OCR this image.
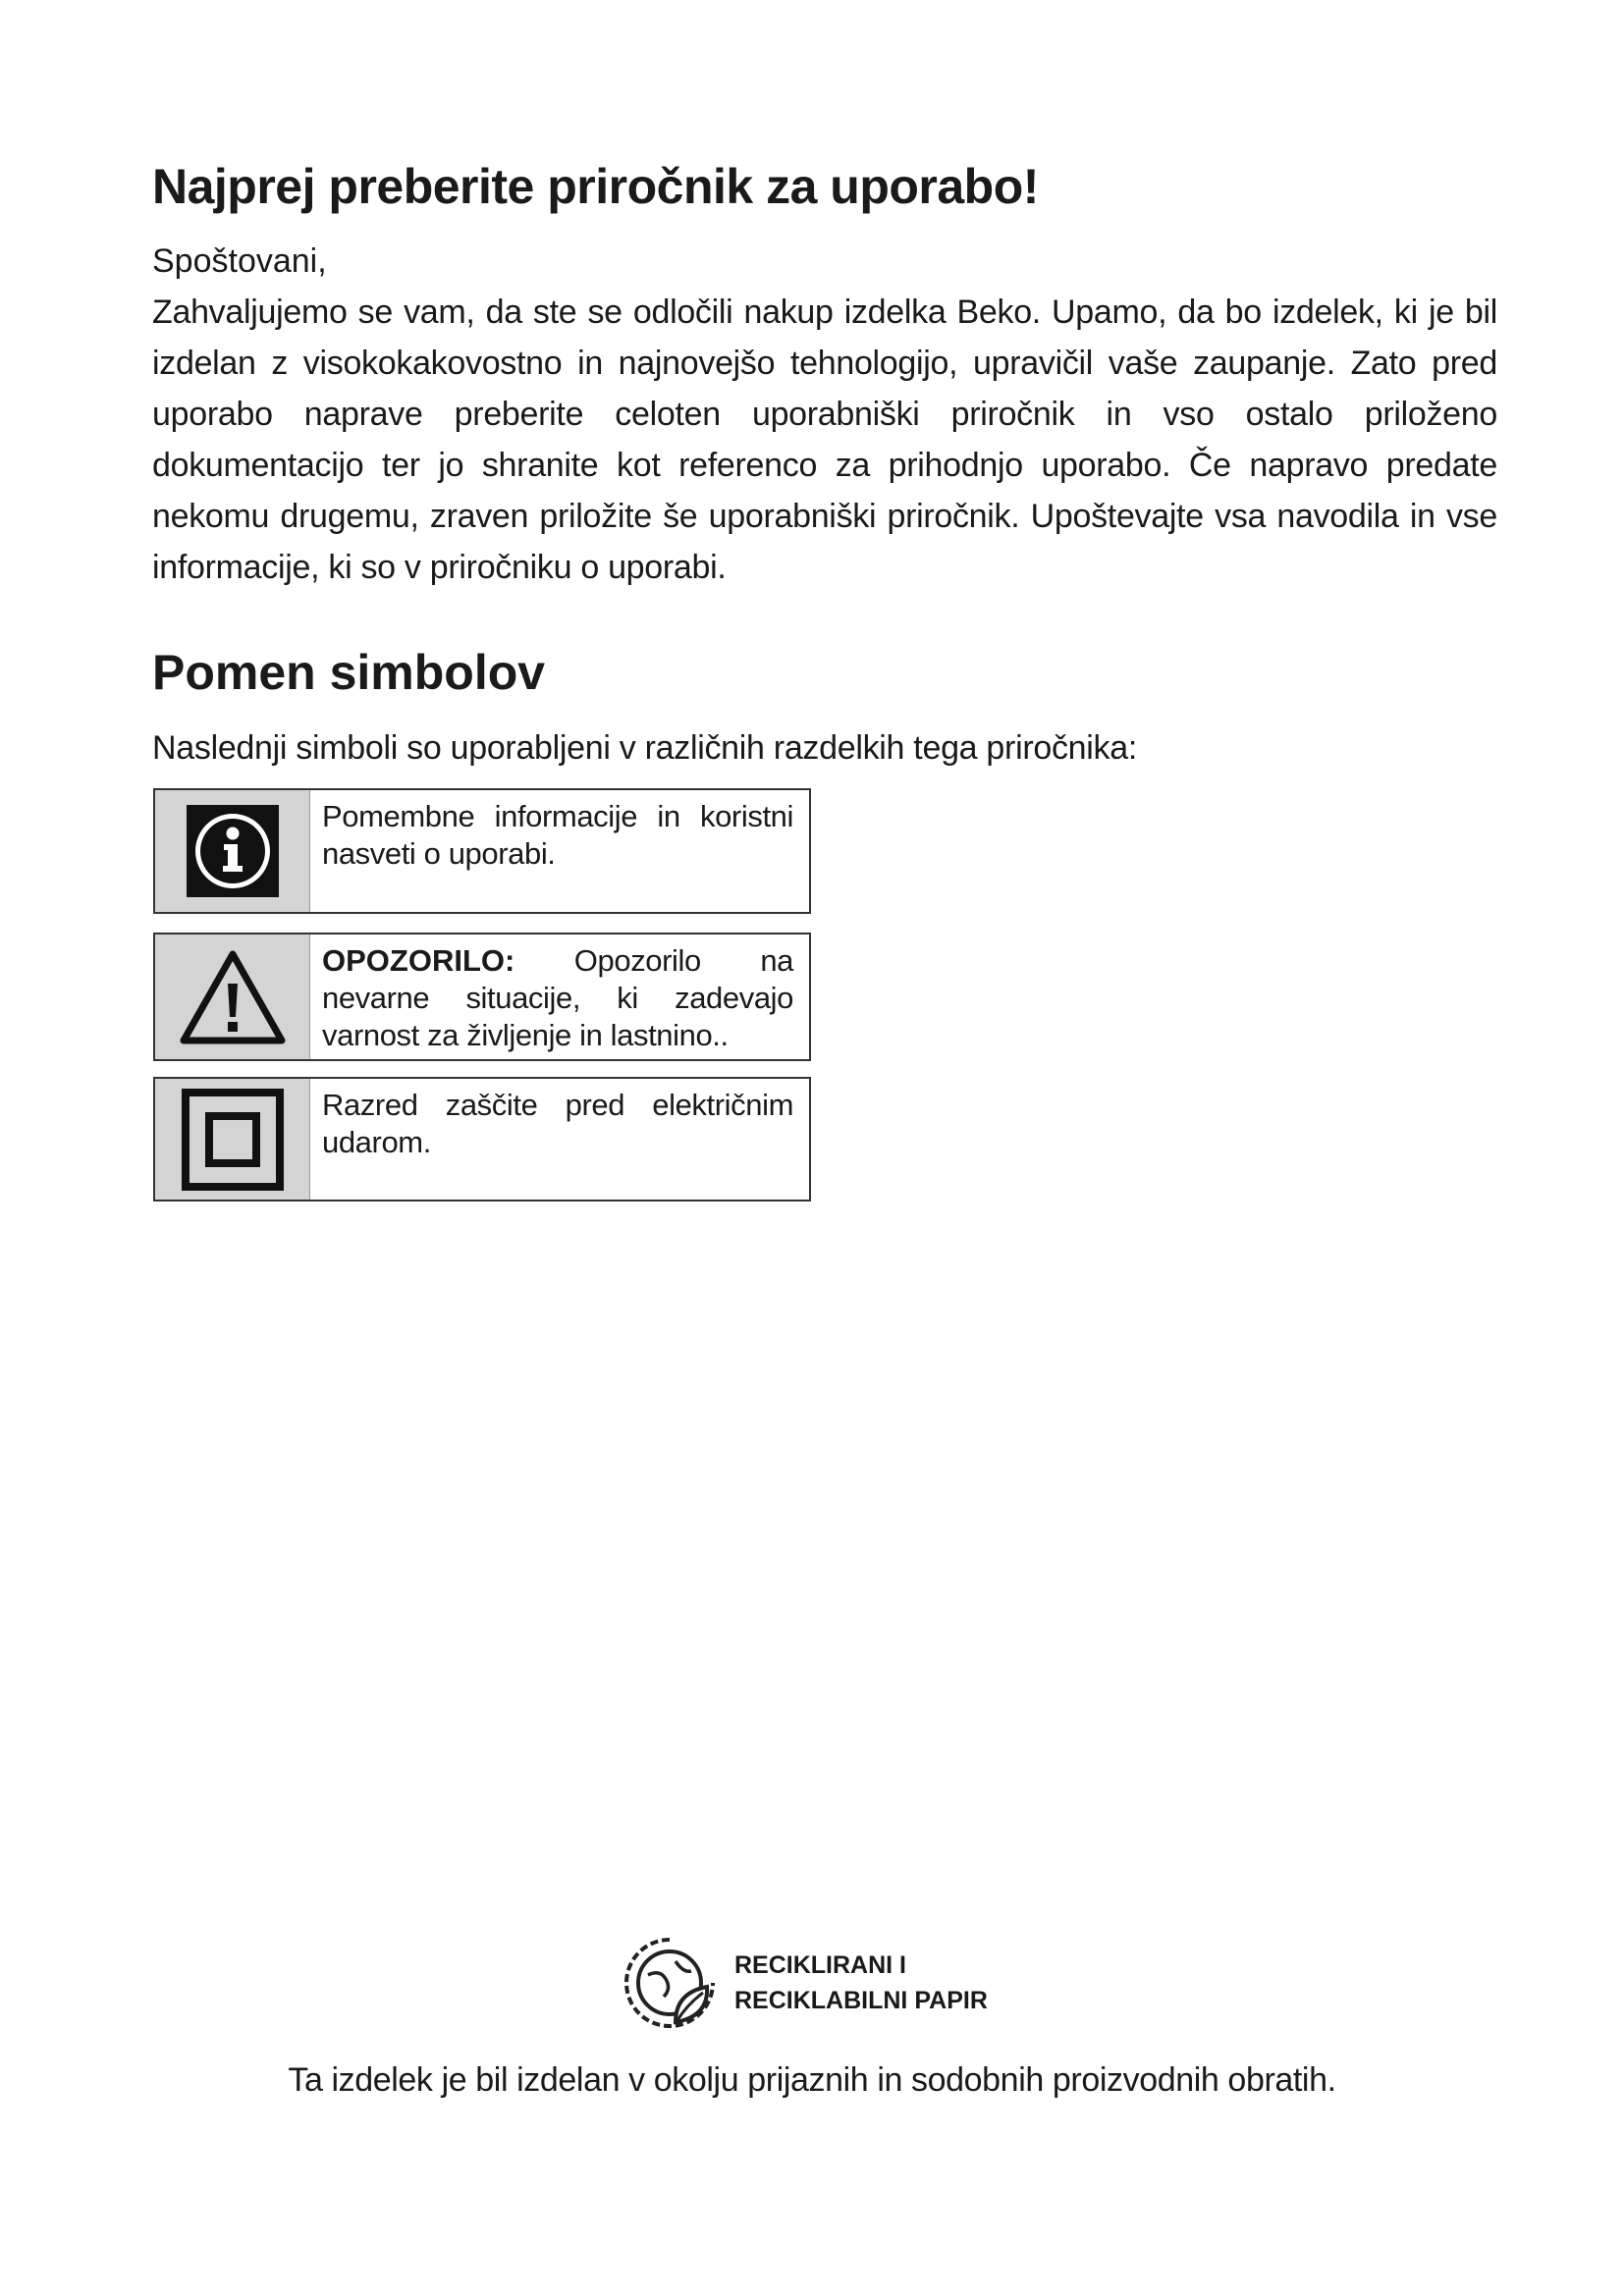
Najprej preberite priročnik za uporabo!

Spoštovani,

Zahvaljujemo se vam, da ste se odločili nakup izdelka Beko. Upamo, da bo izdelek, ki je bil izdelan z visokokakovostno in najnovejšo tehnologijo, upravičil vaše zaupanje. Zato pred uporabo naprave preberite celoten uporabniški priročnik in vso ostalo priloženo dokumentacijo ter jo shranite kot referenco za prihodnjo uporabo. Če napravo predate nekomu drugemu, zraven priložite še uporabniški priročnik. Upoštevajte vsa navodila in vse informacije, ki so v priročniku o uporabi.

Pomen simbolov

Naslednji simboli so uporabljeni v različnih razdelkih tega priročnika:

Pomembne informacije in koristni nasveti o uporabi.
OPOZORILO: Opozorilo na nevarne situacije, ki zadevajo varnost za življenje in lastnino..
Razred zaščite pred električnim udarom.
RECIKLIRANI I
RECIKLABILNI PAPIR
Ta izdelek je bil izdelan v okolju prijaznih in sodobnih proizvodnih obratih.
